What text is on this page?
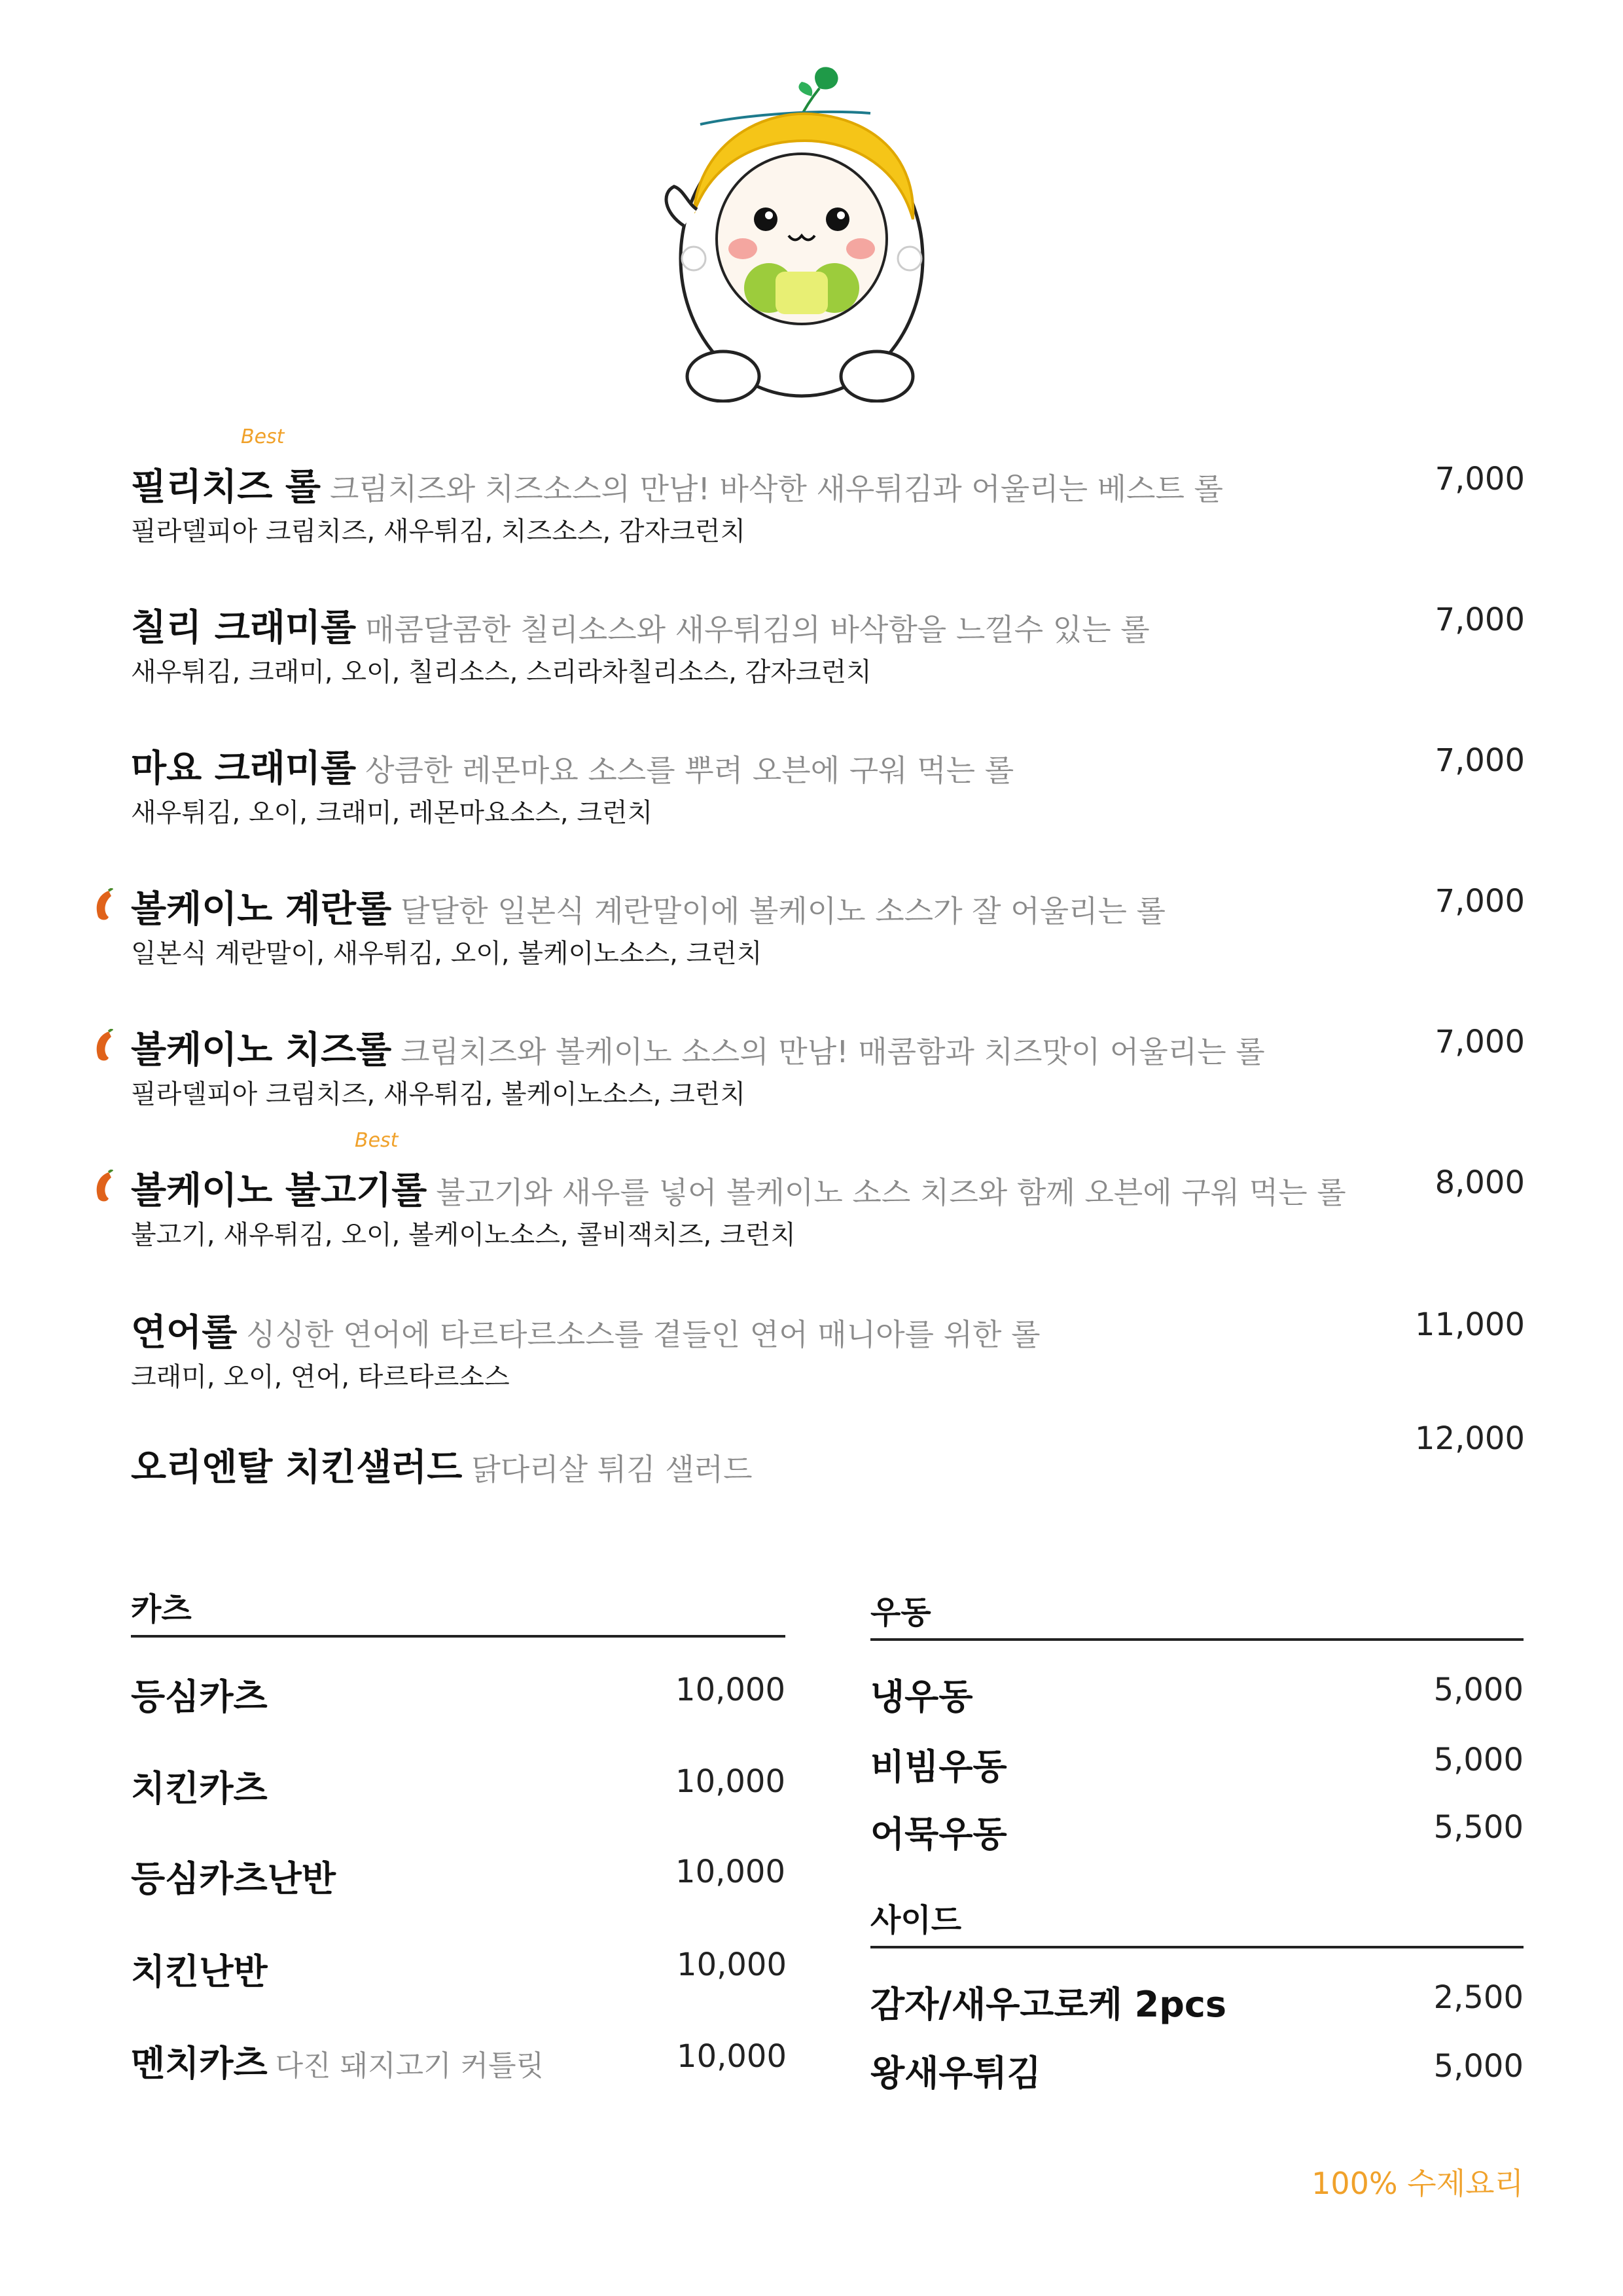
Best
필리치즈 롤 크림치즈와 치즈소스의 만남! 바삭한 새우튀김과 어울리는 베스트 롤
필라델피아 크림치즈, 새우튀김, 치즈소스, 감자크런치
7,000
칠리 크래미롤 매콤달콤한 칠리소스와 새우튀김의 바삭함을 느낄수 있는 롤
새우튀김, 크래미, 오이, 칠리소스, 스리라차칠리소스, 감자크런치
7,000
마요 크래미롤 상큼한 레몬마요 소스를 뿌려 오븐에 구워 먹는 롤
새우튀김, 오이, 크래미, 레몬마요소스, 크런치
7,000
볼케이노 계란롤 달달한 일본식 계란말이에 볼케이노 소스가 잘 어울리는 롤
일본식 계란말이, 새우튀김, 오이, 볼케이노소스, 크런치
7,000
볼케이노 치즈롤 크림치즈와 볼케이노 소스의 만남! 매콤함과 치즈맛이 어울리는 롤
필라델피아 크림치즈, 새우튀김, 볼케이노소스, 크런치
7,000
Best
볼케이노 불고기롤 불고기와 새우를 넣어 볼케이노 소스 치즈와 함께 오븐에 구워 먹는 롤
불고기, 새우튀김, 오이, 볼케이노소스, 콜비잭치즈, 크런치
8,000
연어롤 싱싱한 연어에 타르타르소스를 곁들인 연어 매니아를 위한 롤
크래미, 오이, 연어, 타르타르소스
11,000
오리엔탈 치킨샐러드 닭다리살 튀김 샐러드
12,000
카츠
등심카츠	10,000
치킨카츠	10,000
등심카츠난반	10,000
치킨난반	10,000
멘치카츠 다진 돼지고기 커틀릿	10,000
우동
냉우동	5,000
비빔우동	5,000
어묵우동	5,500
사이드
감자/새우고로케 2pcs	2,500
왕새우튀김	5,000
100% 수제요리
